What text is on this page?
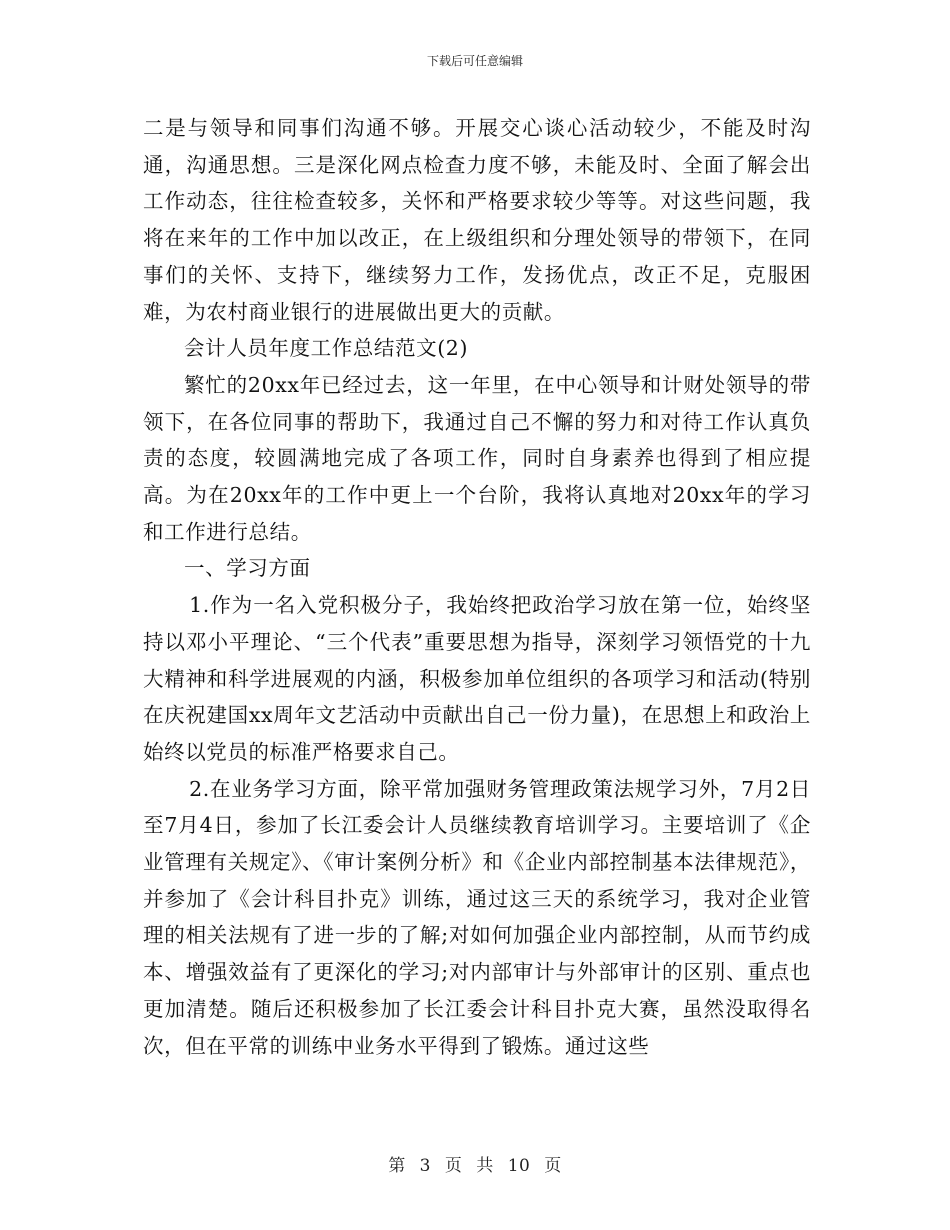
下载后可任意编辑

二是与领导和同事们沟通不够。开展交心谈心活动较少，不能及时沟通，沟通思想。三是深化网点检查力度不够，未能及时、全面了解会出工作动态，往往检查较多，关怀和严格要求较少等等。对这些问题，我将在来年的工作中加以改正，在上级组织和分理处领导的带领下，在同事们的关怀、支持下，继续努力工作，发扬优点，改正不足，克服困难，为农村商业银行的进展做出更大的贡献。

会计人员年度工作总结范文(2)

繁忙的20xx年已经过去，这一年里，在中心领导和计财处领导的带领下，在各位同事的帮助下，我通过自己不懈的努力和对待工作认真负责的态度，较圆满地完成了各项工作，同时自身素养也得到了相应提高。为在20xx年的工作中更上一个台阶，我将认真地对20xx年的学习和工作进行总结。

一、学习方面

1.作为一名入党积极分子，我始终把政治学习放在第一位，始终坚持以邓小平理论、“三个代表”重要思想为指导，深刻学习领悟党的十九大精神和科学进展观的内涵，积极参加单位组织的各项学习和活动(特别在庆祝建国xx周年文艺活动中贡献出自己一份力量)，在思想上和政治上始终以党员的标准严格要求自己。

2.在业务学习方面，除平常加强财务管理政策法规学习外，7月2日至7月4日，参加了长江委会计人员继续教育培训学习。主要培训了《企业管理有关规定》、《审计案例分析》和《企业内部控制基本法律规范》，并参加了《会计科目扑克》训练，通过这三天的系统学习，我对企业管理的相关法规有了进一步的了解;对如何加强企业内部控制，从而节约成本、增强效益有了更深化的学习;对内部审计与外部审计的区别、重点也更加清楚。随后还积极参加了长江委会计科目扑克大赛，虽然没取得名次，但在平常的训练中业务水平得到了锻炼。通过这些

第 3 页 共 10 页
